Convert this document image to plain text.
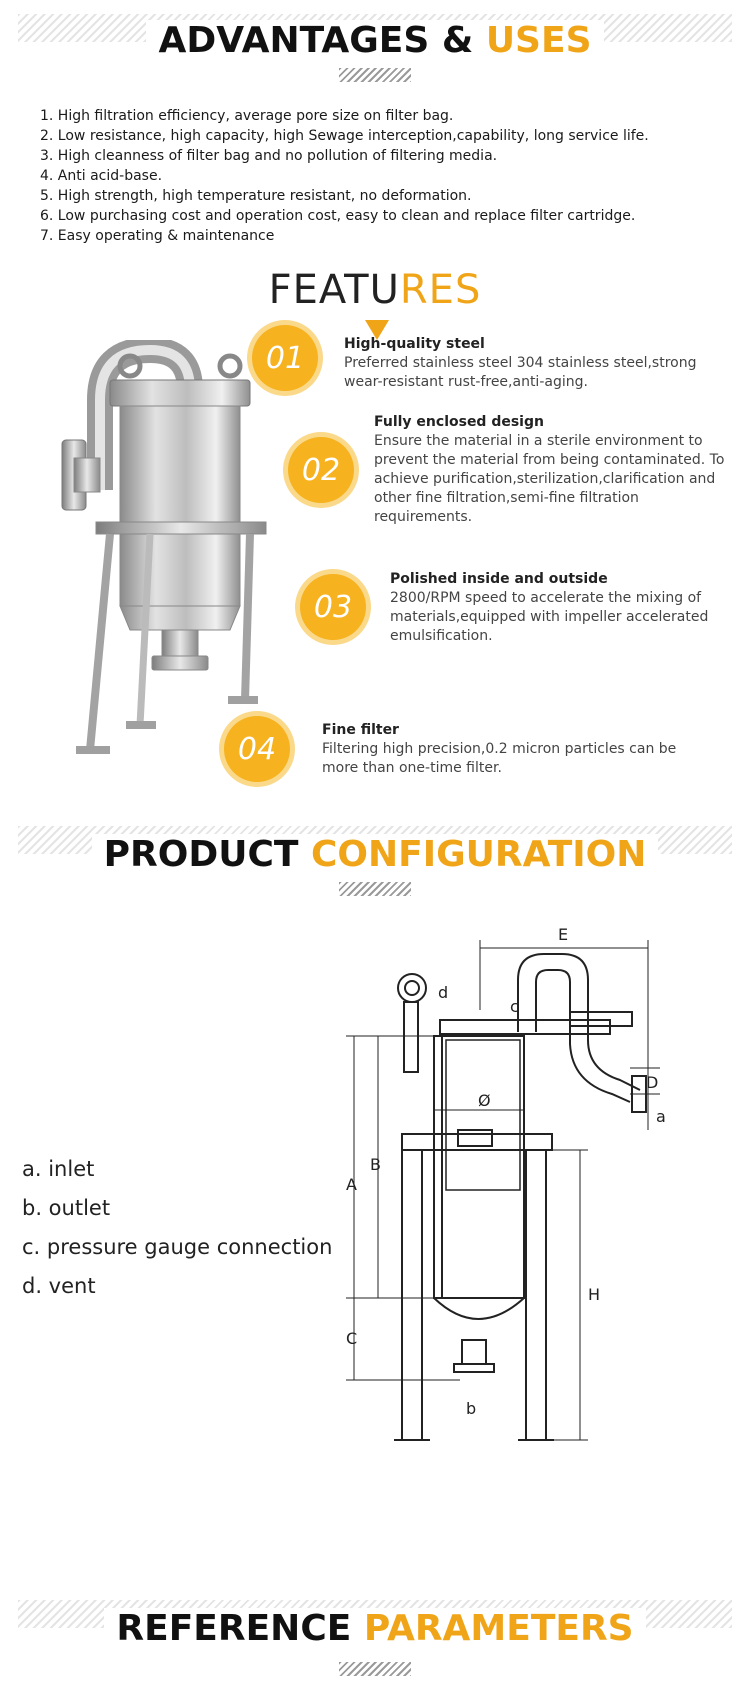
ADVANTAGES & USES
1. High filtration efficiency, average pore size on filter bag.
2. Low resistance, high capacity, high Sewage interception,capability, long service life.
3. High cleanness of filter bag and no pollution of filtering media.
4. Anti acid-base.
5. High strength, high temperature resistant, no deformation.
6. Low purchasing cost and operation cost, easy to clean and replace filter cartridge.
7. Easy operating & maintenance
FEATURES
01	High-quality steel
Preferred stainless steel 304 stainless steel,strong wear-resistant rust-free,anti-aging.
02
Fully enclosed design
Ensure the material in a sterile environment to prevent the material from being contaminated. To achieve purification,sterilization,clarification and other fine filtration,semi-fine filtration requirements.
03
Polished inside and outside
2800/RPM speed to accelerate the mixing of materials,equipped with impeller accelerated emulsification.
04
Fine filter
Filtering high precision,0.2 micron particles can be more than one-time filter.
PRODUCT CONFIGURATION
a. inlet
b. outlet
c. pressure gauge connection
d. vent
E
d
c
Ø
D
a
b
A
B
C
H
REFERENCE PARAMETERS
